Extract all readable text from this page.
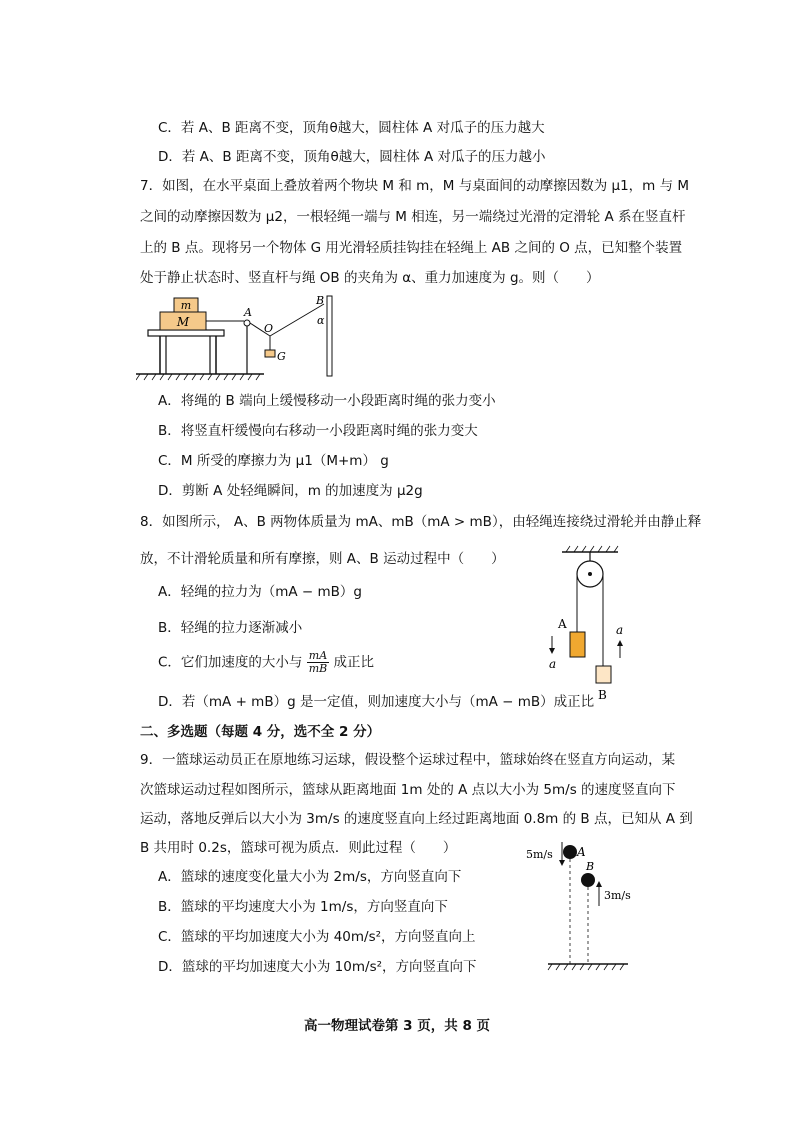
C．若 A、B 距离不变，顶角θ越大，圆柱体 A 对瓜子的压力越大
D．若 A、B 距离不变，顶角θ越大，圆柱体 A 对瓜子的压力越小
7．如图，在水平桌面上叠放着两个物块 M 和 m，M 与桌面间的动摩擦因数为 μ1，m 与 M
之间的动摩擦因数为 μ2，一根轻绳一端与 M 相连，另一端绕过光滑的定滑轮 A 系在竖直杆
上的 B 点。现将另一个物体 G 用光滑轻质挂钩挂在轻绳上 AB 之间的 O 点，已知整个装置
处于静止状态时、竖直杆与绳 OB 的夹角为 α、重力加速度为 g。则（　　）
m
M
A
O
G
B
α
A．将绳的 B 端向上缓慢移动一小段距离时绳的张力变小
B．将竖直杆缓慢向右移动一小段距离时绳的张力变大
C．M 所受的摩擦力为 μ1（M+m） g
D．剪断 A 处轻绳瞬间，m 的加速度为 μ2g
8．如图所示， A、B 两物体质量为 mA、mB（mA > mB），由轻绳连接绕过滑轮并由静止释
放，不计滑轮质量和所有摩擦，则 A、B 运动过程中（　　）
A
B
a
a
A．轻绳的拉力为（mA − mB）g
B．轻绳的拉力逐渐减小
C．它们加速度的大小与 $\frac{mA}{mB}$ 成正比
D．若（mA + mB）g 是一定值，则加速度大小与（mA − mB）成正比
二、多选题（每题 4 分，选不全 2 分）
9．一篮球运动员正在原地练习运球，假设整个运球过程中，篮球始终在竖直方向运动，某
次篮球运动过程如图所示，篮球从距离地面 1m 处的 A 点以大小为 5m/s 的速度竖直向下
运动，落地反弹后以大小为 3m/s 的速度竖直向上经过距离地面 0.8m 的 B 点，已知从 A 到
B 共用时 0.2s，篮球可视为质点．则此过程（　　）	5m/s A
B
3m/s
A．篮球的速度变化量大小为 2m/s，方向竖直向下
B．篮球的平均速度大小为 1m/s，方向竖直向下
C．篮球的平均加速度大小为 40m/s²，方向竖直向上
D．篮球的平均加速度大小为 10m/s²，方向竖直向下
高一物理试卷第 3 页，共 8 页
